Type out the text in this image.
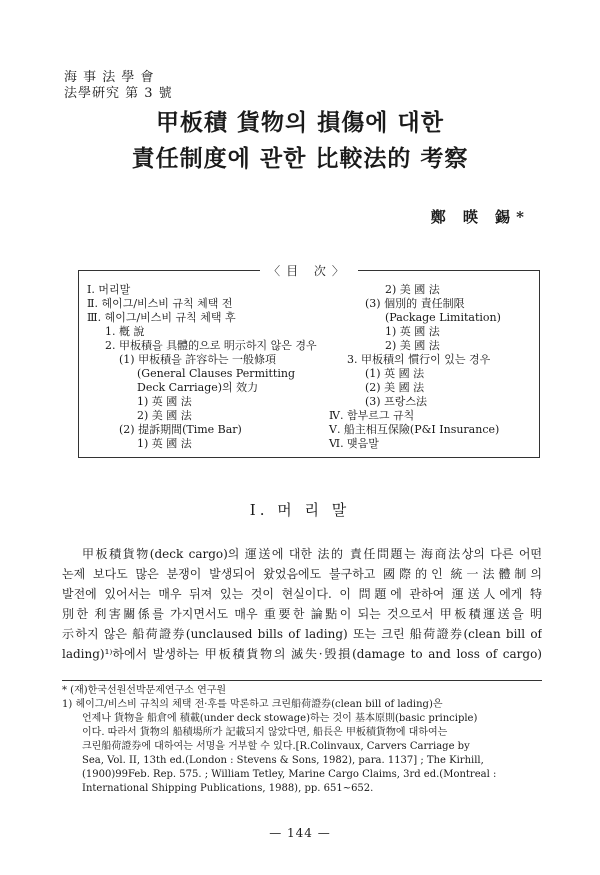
海 事 法 學 會
法學硏究 第 3 號
甲板積 貨物의 損傷에 대한
責任制度에 관한 比較法的 考察
鄭 暎 錫*
〈目 次〉
Ⅰ. 머리말
Ⅱ. 헤이그/비스비 규칙 체택 전
Ⅲ. 헤이그/비스비 규칙 체택 후
1. 槪 說
2. 甲板積을 具體的으로 明示하지 않은 경우
(1) 甲板積을 許容하는 一般條項
(General Clauses Permitting
Deck Carriage)의 效力
1) 英 國 法
2) 美 國 法
(2) 提訴期間(Time Bar)
1) 英 國 法
2) 美 國 法
(3) 個別的 責任制限
(Package Limitation)
1) 英 國 法
2) 美 國 法
3. 甲板積의 慣行이 있는 경우
(1) 英 國 法
(2) 美 國 法
(3) 프랑스法
Ⅳ. 함부르그 규칙
Ⅴ. 船主相互保險(P&I Insurance)
Ⅵ. 맺음말
Ⅰ. 머 리 말
甲板積貨物(deck cargo)의 運送에 대한 法的 責任問題는 海商法상의 다른 어떤
논제 보다도 많은 분쟁이 발생되어 왔었음에도 불구하고 國際的인 統一法體制의
발전에 있어서는 매우 뒤져 있는 것이 현실이다. 이 問題에 관하여 運送人에게 特
別한 利害關係를 가지면서도 매우 重要한 論點이 되는 것으로서 甲板積運送을 明
示하지 않은 船荷證券(unclaused bills of lading) 또는 크린 船荷證券(clean bill of
lading)¹⁾하에서 발생하는 甲板積貨物의 滅失·毁損(damage to and loss of cargo)
* (재)한국선원선박문제연구소 연구원
1) 헤이그/비스비 규칙의 체택 전·후를 막론하고 크린船荷證券(clean bill of lading)은
언제나 貨物을 船倉에 積載(under deck stowage)하는 것이 基本原則(basic principle)
이다. 따라서 貨物의 船積場所가 記載되지 않았다면, 船長은 甲板積貨物에 대하여는
크린船荷證券에 대하여는 서명을 거부할 수 있다.[R.Colinvaux, Carvers Carriage by
Sea, Vol. II, 13th ed.(London : Stevens & Sons, 1982), para. 1137] ; The Kirhill,
(1900)99Feb. Rep. 575. ; William Tetley, Marine Cargo Claims, 3rd ed.(Montreal :
International Shipping Publications, 1988), pp. 651~652.
— 144 —
